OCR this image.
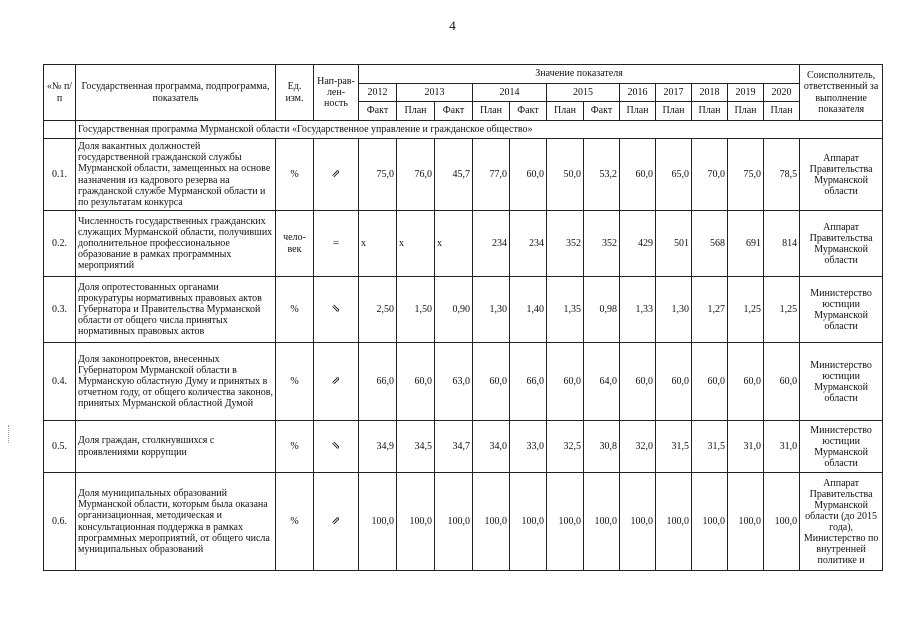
4
«№ п/п	Государственная программа, подпрограмма, показатель	Ед. изм.	Нап-рав-лен-ность	Значение показателя												Соисполнитель, ответственный за выполнение показателя
				2012	2013		2014		2015		2016	2017	2018	2019	2020	
				Факт	План	Факт	План	Факт	План	Факт	План	План	План	План	План	
	Государственная программа Мурманской области «Государственное управление и гражданское общество»															
0.1.	Доля вакантных должностей государственной гражданской службы Мурманской области, замещенных на основе назначения из кадрового резерва на гражданской службе Мурманской области и по результатам конкурса	%	⇗	75,0	76,0	45,7	77,0	60,0	50,0	53,2	60,0	65,0	70,0	75,0	78,5	Аппарат Правительства Мурманской области
0.2.	Численность государственных гражданских служащих Мурманской области, получивших дополнительное профессиональное образование в рамках программных мероприятий	чело-век	=	х	х	х	234	234	352	352	429	501	568	691	814	Аппарат Правительства Мурманской области
0.3.	Доля опротестованных органами прокуратуры нормативных правовых актов Губернатора и Правительства Мурманской области от общего числа принятых нормативных правовых актов	%	⇘	2,50	1,50	0,90	1,30	1,40	1,35	0,98	1,33	1,30	1,27	1,25	1,25	Министерство юстиции Мурманской области
0.4.	Доля законопроектов, внесенных Губернатором Мурманской области в Мурманскую областную Думу и принятых в отчетном году, от общего количества законов, принятых Мурманской областной Думой	%	⇗	66,0	60,0	63,0	60,0	66,0	60,0	64,0	60,0	60,0	60,0	60,0	60,0	Министерство юстиции Мурманской области
0.5.	Доля граждан, столкнувшихся с проявлениями коррупции	%	⇘	34,9	34,5	34,7	34,0	33,0	32,5	30,8	32,0	31,5	31,5	31,0	31,0	Министерство юстиции Мурманской области
0.6.	Доля муниципальных образований Мурманской области, которым была оказана организационная, методическая и консультационная поддержка в рамках программных мероприятий, от общего числа муниципальных образований	%	⇗	100,0	100,0	100,0	100,0	100,0	100,0	100,0	100,0	100,0	100,0	100,0	100,0	Аппарат Правительства Мурманской области (до 2015 года), Министерство по внутренней политике и
